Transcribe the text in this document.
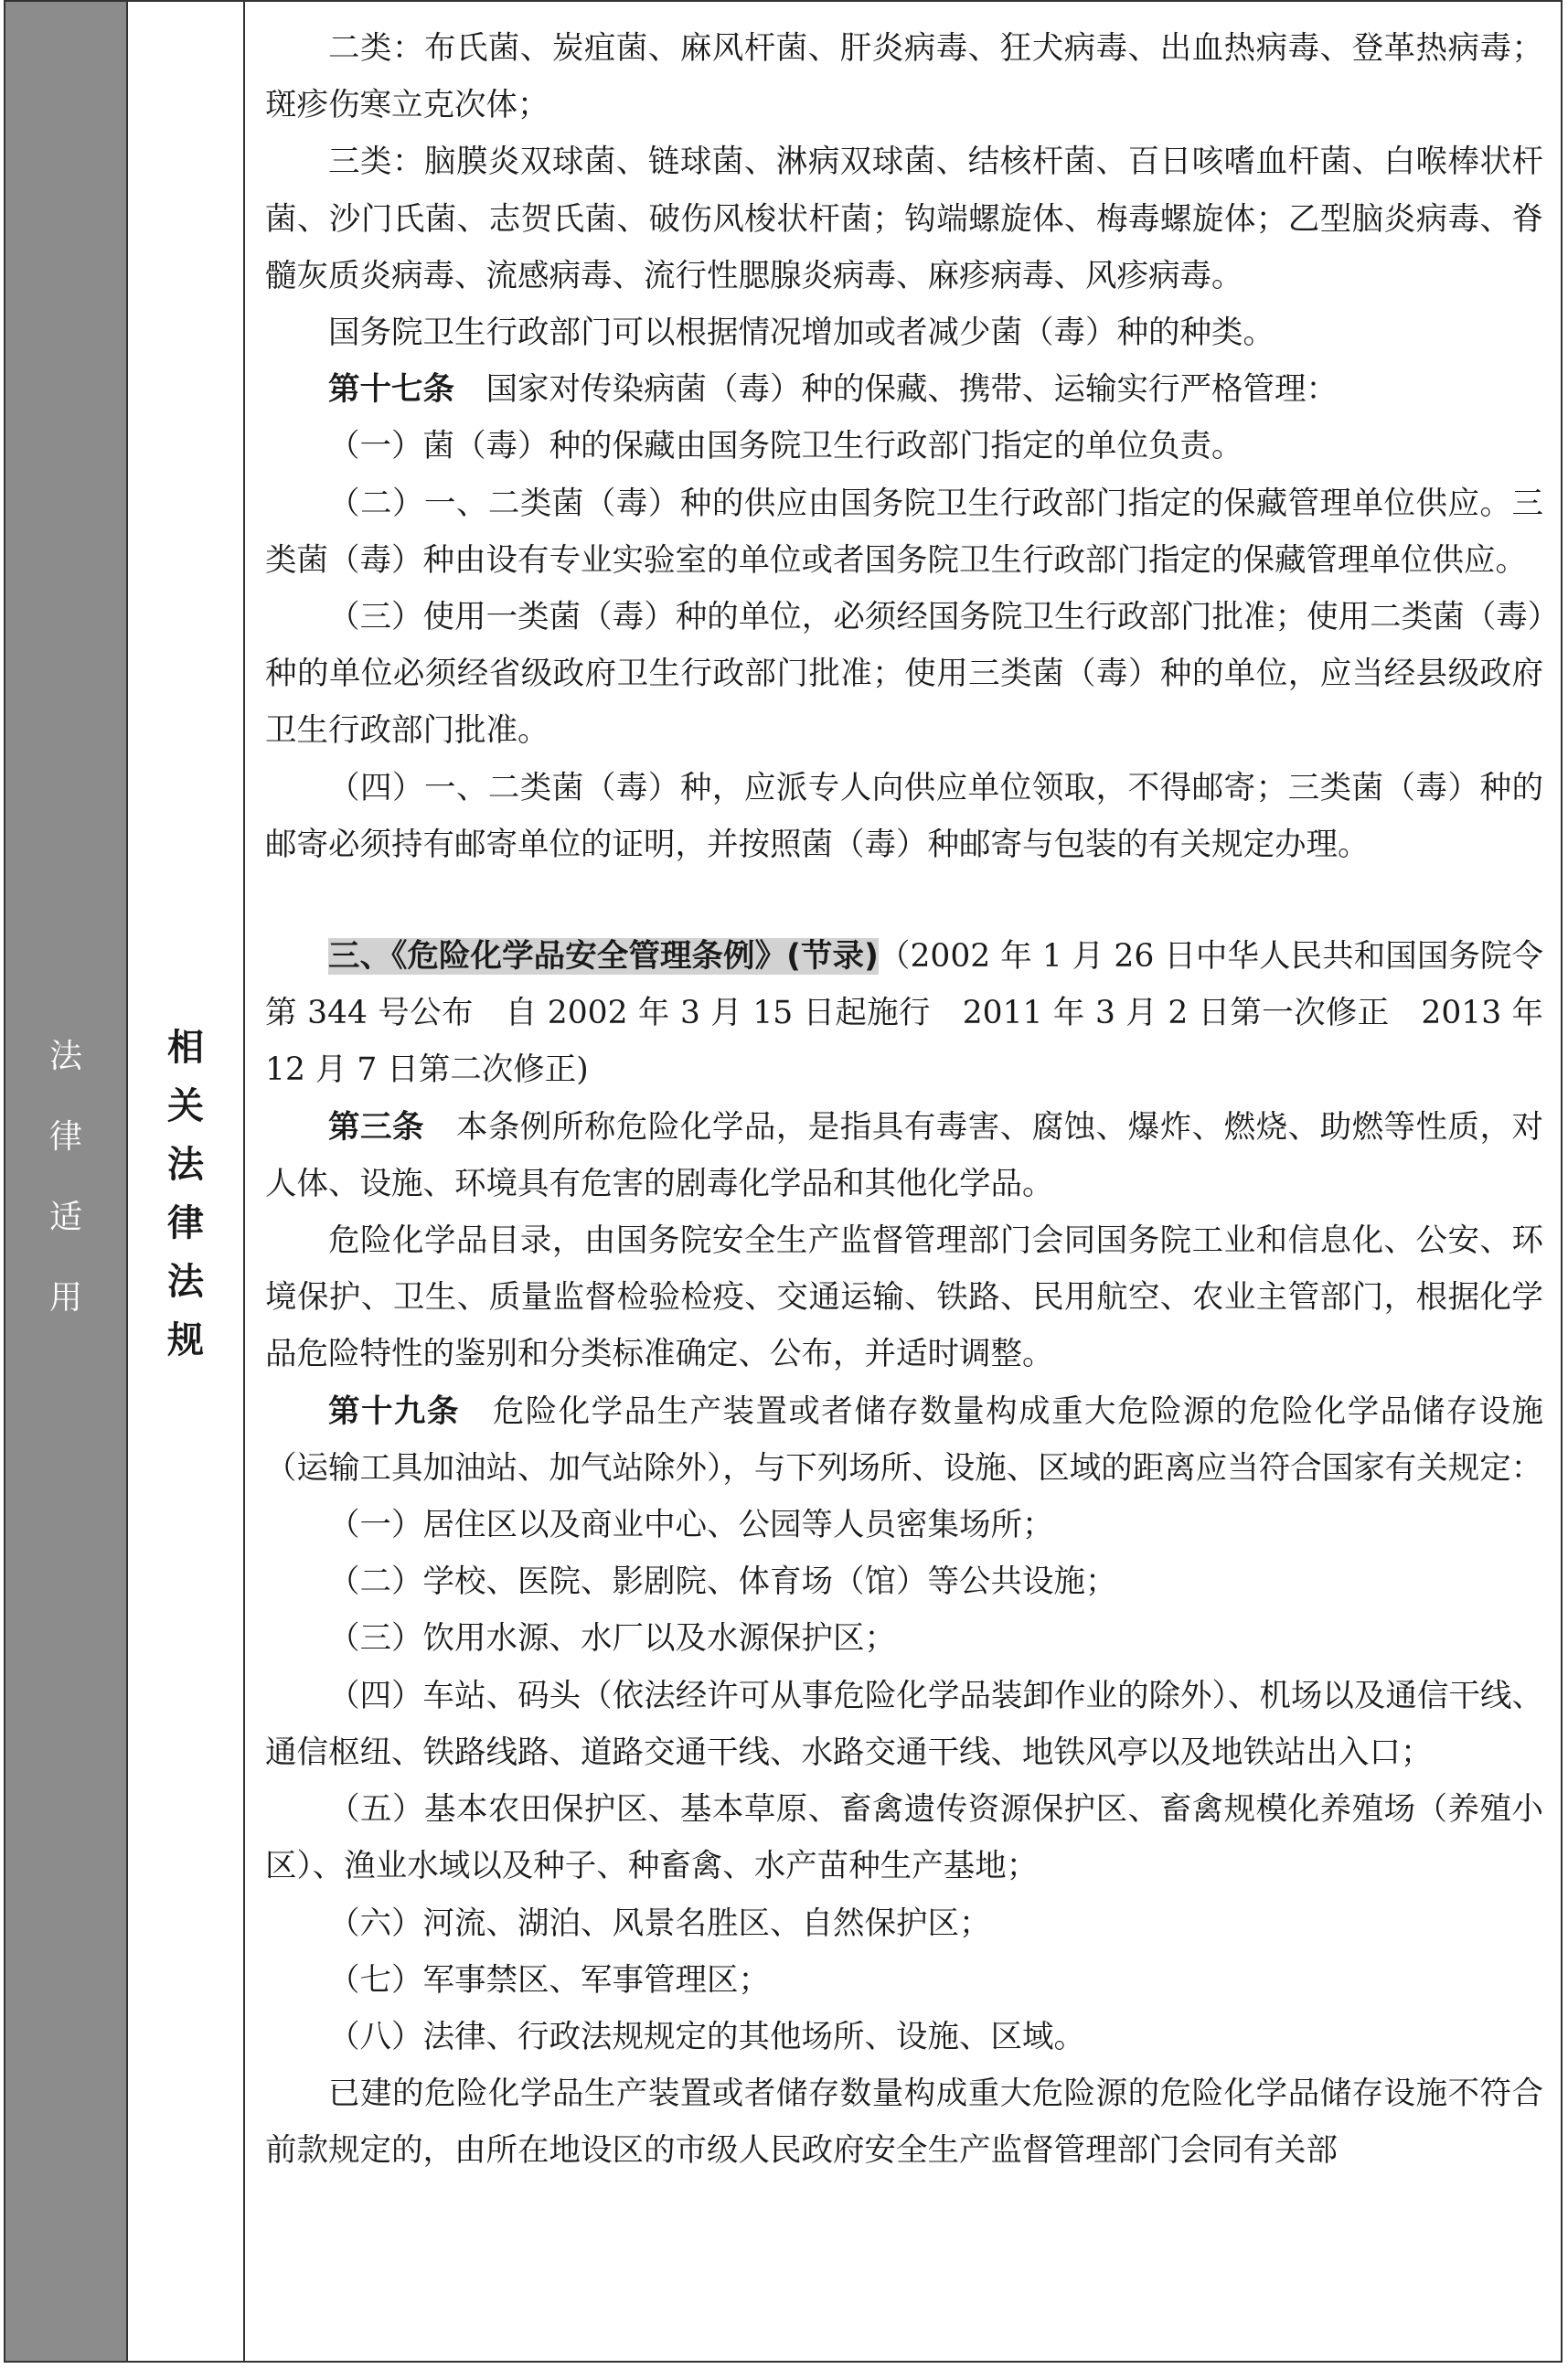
法
律
适
用
相
关
法
律
法
规

二类：布氏菌、炭疽菌、麻风杆菌、肝炎病毒、狂犬病毒、出血热病毒、登革热病毒；斑疹伤寒立克次体；

三类：脑膜炎双球菌、链球菌、淋病双球菌、结核杆菌、百日咳嗜血杆菌、白喉棒状杆菌、沙门氏菌、志贺氏菌、破伤风梭状杆菌；钩端螺旋体、梅毒螺旋体；乙型脑炎病毒、脊髓灰质炎病毒、流感病毒、流行性腮腺炎病毒、麻疹病毒、风疹病毒。

国务院卫生行政部门可以根据情况增加或者减少菌（毒）种的种类。

第十七条　国家对传染病菌（毒）种的保藏、携带、运输实行严格管理：

（一）菌（毒）种的保藏由国务院卫生行政部门指定的单位负责。

（二）一、二类菌（毒）种的供应由国务院卫生行政部门指定的保藏管理单位供应。三类菌（毒）种由设有专业实验室的单位或者国务院卫生行政部门指定的保藏管理单位供应。

（三）使用一类菌（毒）种的单位，必须经国务院卫生行政部门批准；使用二类菌（毒）种的单位必须经省级政府卫生行政部门批准；使用三类菌（毒）种的单位，应当经县级政府卫生行政部门批准。

（四）一、二类菌（毒）种，应派专人向供应单位领取，不得邮寄；三类菌（毒）种的邮寄必须持有邮寄单位的证明，并按照菌（毒）种邮寄与包装的有关规定办理。

三、《危险化学品安全管理条例》(节录)（2002 年 1 月 26 日中华人民共和国国务院令第 344 号公布　自 2002 年 3 月 15 日起施行　2011 年 3 月 2 日第一次修正　2013 年 12 月 7 日第二次修正)

第三条　本条例所称危险化学品，是指具有毒害、腐蚀、爆炸、燃烧、助燃等性质，对人体、设施、环境具有危害的剧毒化学品和其他化学品。

危险化学品目录，由国务院安全生产监督管理部门会同国务院工业和信息化、公安、环境保护、卫生、质量监督检验检疫、交通运输、铁路、民用航空、农业主管部门，根据化学品危险特性的鉴别和分类标准确定、公布，并适时调整。

第十九条　危险化学品生产装置或者储存数量构成重大危险源的危险化学品储存设施（运输工具加油站、加气站除外），与下列场所、设施、区域的距离应当符合国家有关规定：

（一）居住区以及商业中心、公园等人员密集场所；

（二）学校、医院、影剧院、体育场（馆）等公共设施；

（三）饮用水源、水厂以及水源保护区；

（四）车站、码头（依法经许可从事危险化学品装卸作业的除外）、机场以及通信干线、通信枢纽、铁路线路、道路交通干线、水路交通干线、地铁风亭以及地铁站出入口；

（五）基本农田保护区、基本草原、畜禽遗传资源保护区、畜禽规模化养殖场（养殖小区）、渔业水域以及种子、种畜禽、水产苗种生产基地；

（六）河流、湖泊、风景名胜区、自然保护区；

（七）军事禁区、军事管理区；

（八）法律、行政法规规定的其他场所、设施、区域。

已建的危险化学品生产装置或者储存数量构成重大危险源的危险化学品储存设施不符合前款规定的，由所在地设区的市级人民政府安全生产监督管理部门会同有关部
